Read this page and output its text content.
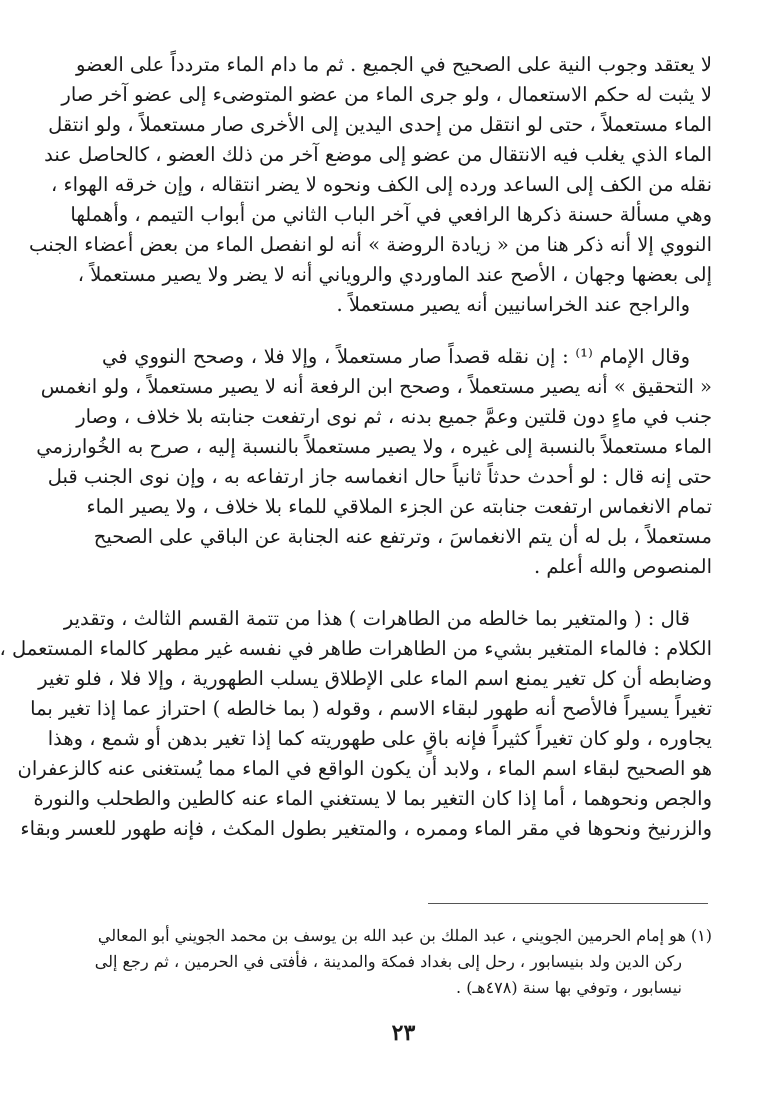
لا يعتقد وجوب النية على الصحيح في الجميع . ثم ما دام الماء متردداً على العضو
لا يثبت له حكم الاستعمال ، ولو جرى الماء من عضو المتوضىء إلى عضو آخر صار
الماء مستعملاً ، حتى لو انتقل من إحدى اليدين إلى الأخرى صار مستعملاً ، ولو انتقل
الماء الذي يغلب فيه الانتقال من عضو إلى موضع آخر من ذلك العضو ، كالحاصل عند
نقله من الكف إلى الساعد ورده إلى الكف ونحوه لا يضر انتقاله ، وإن خرقه الهواء ،
وهي مسألة حسنة ذكرها الرافعي في آخر الباب الثاني من أبواب التيمم ، وأهملها
النووي إلا أنه ذكر هنا من « زيادة الروضة » أنه لو انفصل الماء من بعض أعضاء الجنب
إلى بعضها وجهان ، الأصح عند الماوردي والروياني أنه لا يضر ولا يصير مستعملاً ،
والراجح عند الخراسانيين أنه يصير مستعملاً .
وقال الإمام ⁽¹⁾ : إن نقله قصداً صار مستعملاً ، وإلا فلا ، وصحح النووي في
« التحقيق » أنه يصير مستعملاً ، وصحح ابن الرفعة أنه لا يصير مستعملاً ، ولو انغمس
جنب في ماءٍ دون قلتين وعمَّ جميع بدنه ، ثم نوى ارتفعت جنابته بلا خلاف ، وصار
الماء مستعملاً بالنسبة إلى غيره ، ولا يصير مستعملاً بالنسبة إليه ، صرح به الخُوارزمي
حتى إنه قال : لو أحدث حدثاً ثانياً حال انغماسه جاز ارتفاعه به ، وإن نوى الجنب قبل
تمام الانغماس ارتفعت جنابته عن الجزء الملاقي للماء بلا خلاف ، ولا يصير الماء
مستعملاً ، بل له أن يتم الانغماسَ ، وترتفع عنه الجنابة عن الباقي على الصحيح
المنصوص والله أعلم .
قال : ( والمتغير بما خالطه من الطاهرات ) هذا من تتمة القسم الثالث ، وتقدير
الكلام : فالماء المتغير بشيء من الطاهرات طاهر في نفسه غير مطهر كالماء المستعمل ،
وضابطه أن كل تغير يمنع اسم الماء على الإطلاق يسلب الطهورية ، وإلا فلا ، فلو تغير
تغيراً يسيراً فالأصح أنه طهور لبقاء الاسم ، وقوله ( بما خالطه ) احتراز عما إذا تغير بما
يجاوره ، ولو كان تغيراً كثيراً فإنه باقٍ على طهوريته كما إذا تغير بدهن أو شمع ، وهذا
هو الصحيح لبقاء اسم الماء ، ولابد أن يكون الواقع في الماء مما يُستغنى عنه كالزعفران
والجص ونحوهما ، أما إذا كان التغير بما لا يستغني الماء عنه كالطين والطحلب والنورة
والزرنيخ ونحوها في مقر الماء وممره ، والمتغير بطول المكث ، فإنه طهور للعسر وبقاء
(١) هو إمام الحرمين الجويني ، عبد الملك بن عبد الله بن يوسف بن محمد الجويني أبو المعالي
ركن الدين ولد بنيسابور ، رحل إلى بغداد فمكة والمدينة ، فأفتى في الحرمين ، ثم رجع إلى
نيسابور ، وتوفي بها سنة (٤٧٨هـ) .
٢٣
